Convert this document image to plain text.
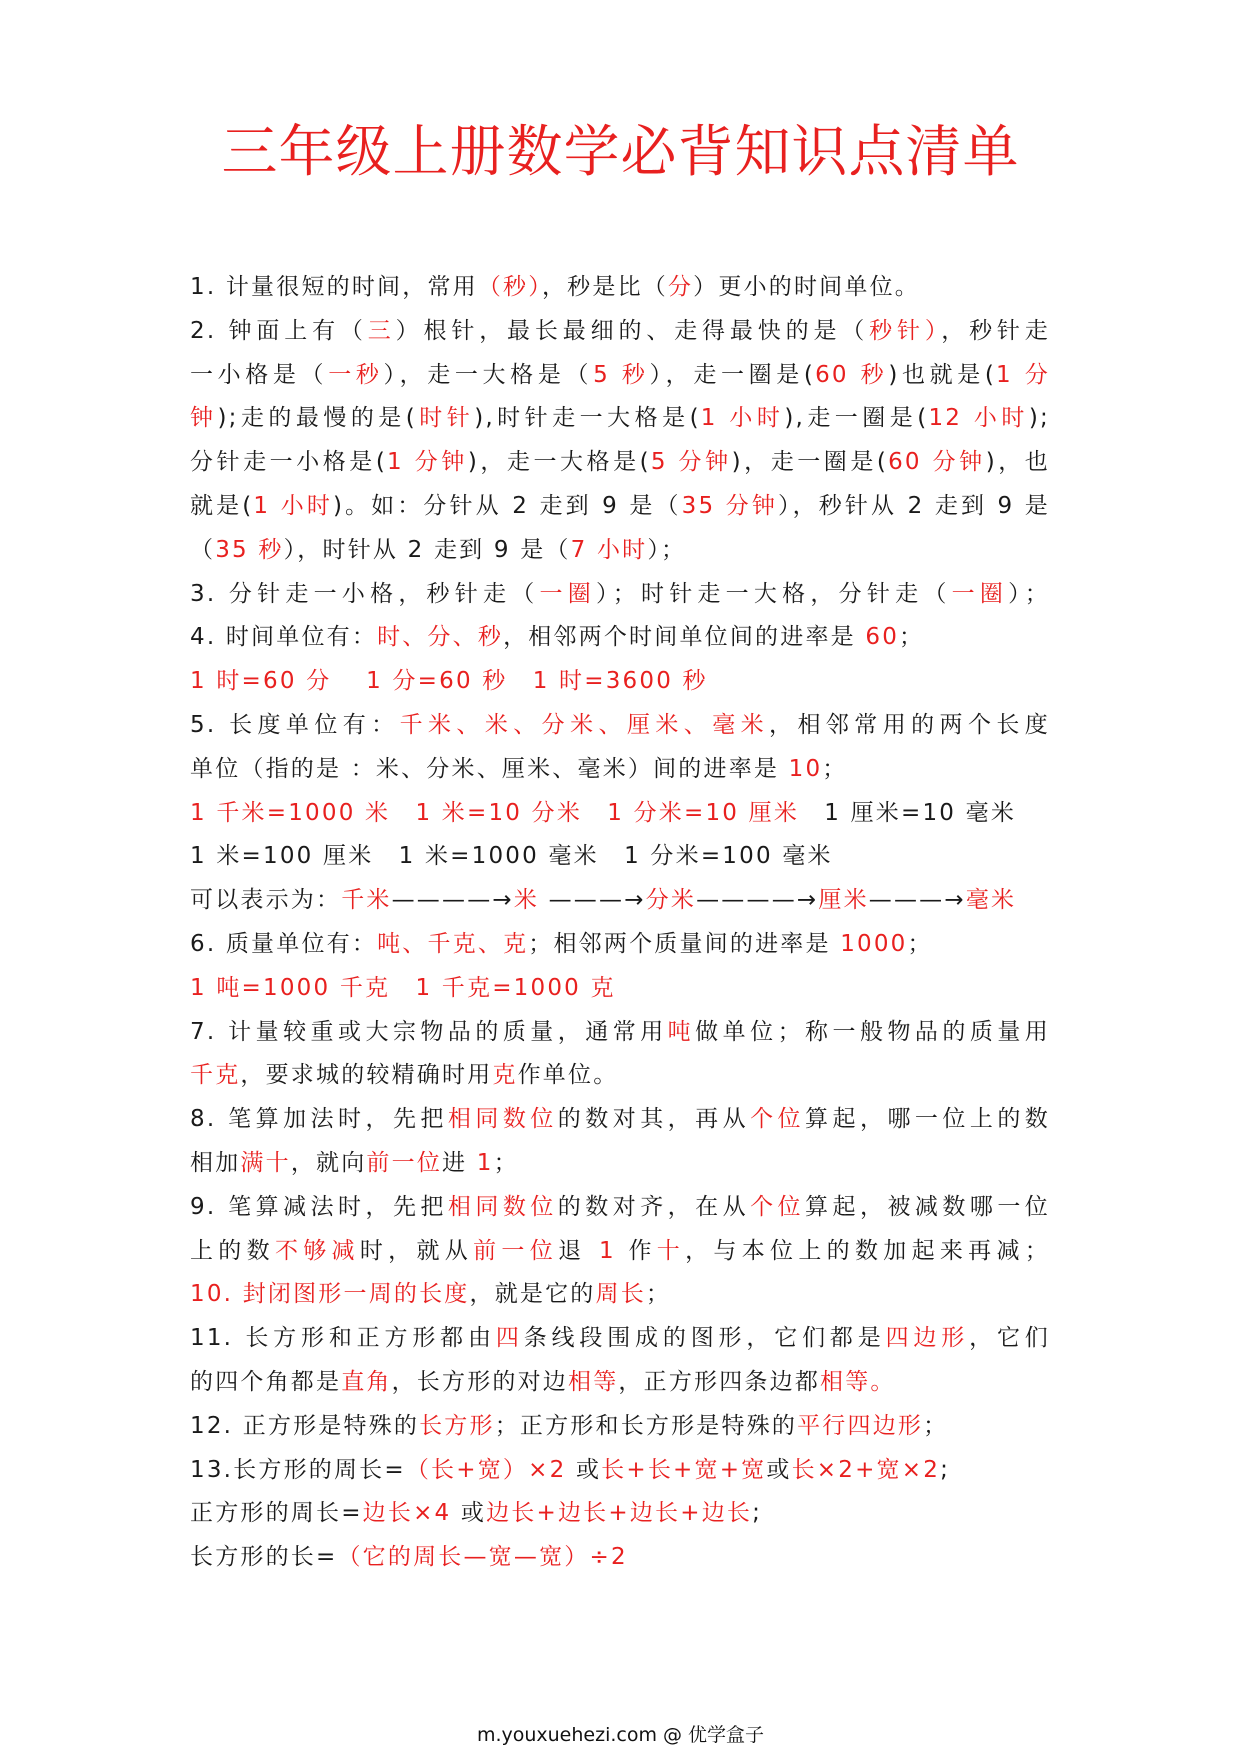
三年级上册数学必背知识点清单
1. 计量很短的时间，常用（秒），秒是比（分）更小的时间单位。
2. 钟面上有（三）根针，最长最细的、走得最快的是（秒针），秒针走
一小格是（一秒），走一大格是（5 秒），走一圈是(60 秒)也就是(1 分
钟);走的最慢的是(时针),时针走一大格是(1 小时),走一圈是(12 小时);
分针走一小格是(1 分钟)，走一大格是(5 分钟)，走一圈是(60 分钟)，也
就是(1 小时)。如：分针从 2 走到 9 是（35 分钟），秒针从 2 走到 9 是
（35 秒），时针从 2 走到 9 是（7 小时）；
3. 分针走一小格，秒针走（一圈）；时针走一大格，分针走（一圈）；
4. 时间单位有：时、分、秒，相邻两个时间单位间的进率是 60；
1 时=60 分　 1 分=60 秒　1 时=3600 秒
5. 长度单位有：千米、米、分米、厘米、毫米，相邻常用的两个长度
单位（指的是 ：米、分米、厘米、毫米）间的进率是 10；
1 千米=1000 米　1 米=10 分米　1 分米=10 厘米　1 厘米=10 毫米
1 米=100 厘米　1 米=1000 毫米　1 分米=100 毫米
可以表示为：千米————→米 ———→分米————→厘米———→毫米
6. 质量单位有：吨、千克、克；相邻两个质量间的进率是 1000；
1 吨=1000 千克　1 千克=1000 克
7. 计量较重或大宗物品的质量，通常用吨做单位；称一般物品的质量用
千克，要求城的较精确时用克作单位。
8. 笔算加法时，先把相同数位的数对其，再从个位算起，哪一位上的数
相加满十，就向前一位进 1；
9. 笔算减法时，先把相同数位的数对齐，在从个位算起，被减数哪一位
上的数不够减时，就从前一位退 1 作十，与本位上的数加起来再减；
10. 封闭图形一周的长度，就是它的周长；
11. 长方形和正方形都由四条线段围成的图形，它们都是四边形，它们
的四个角都是直角，长方形的对边相等，正方形四条边都相等。
12. 正方形是特殊的长方形；正方形和长方形是特殊的平行四边形；
13.长方形的周长=（长+宽）×2 或长+长+宽+宽或长×2+宽×2;
正方形的周长=边长×4 或边长+边长+边长+边长;
长方形的长=（它的周长—宽—宽）÷2
m.youxuehezi.com @ 优学盒子
